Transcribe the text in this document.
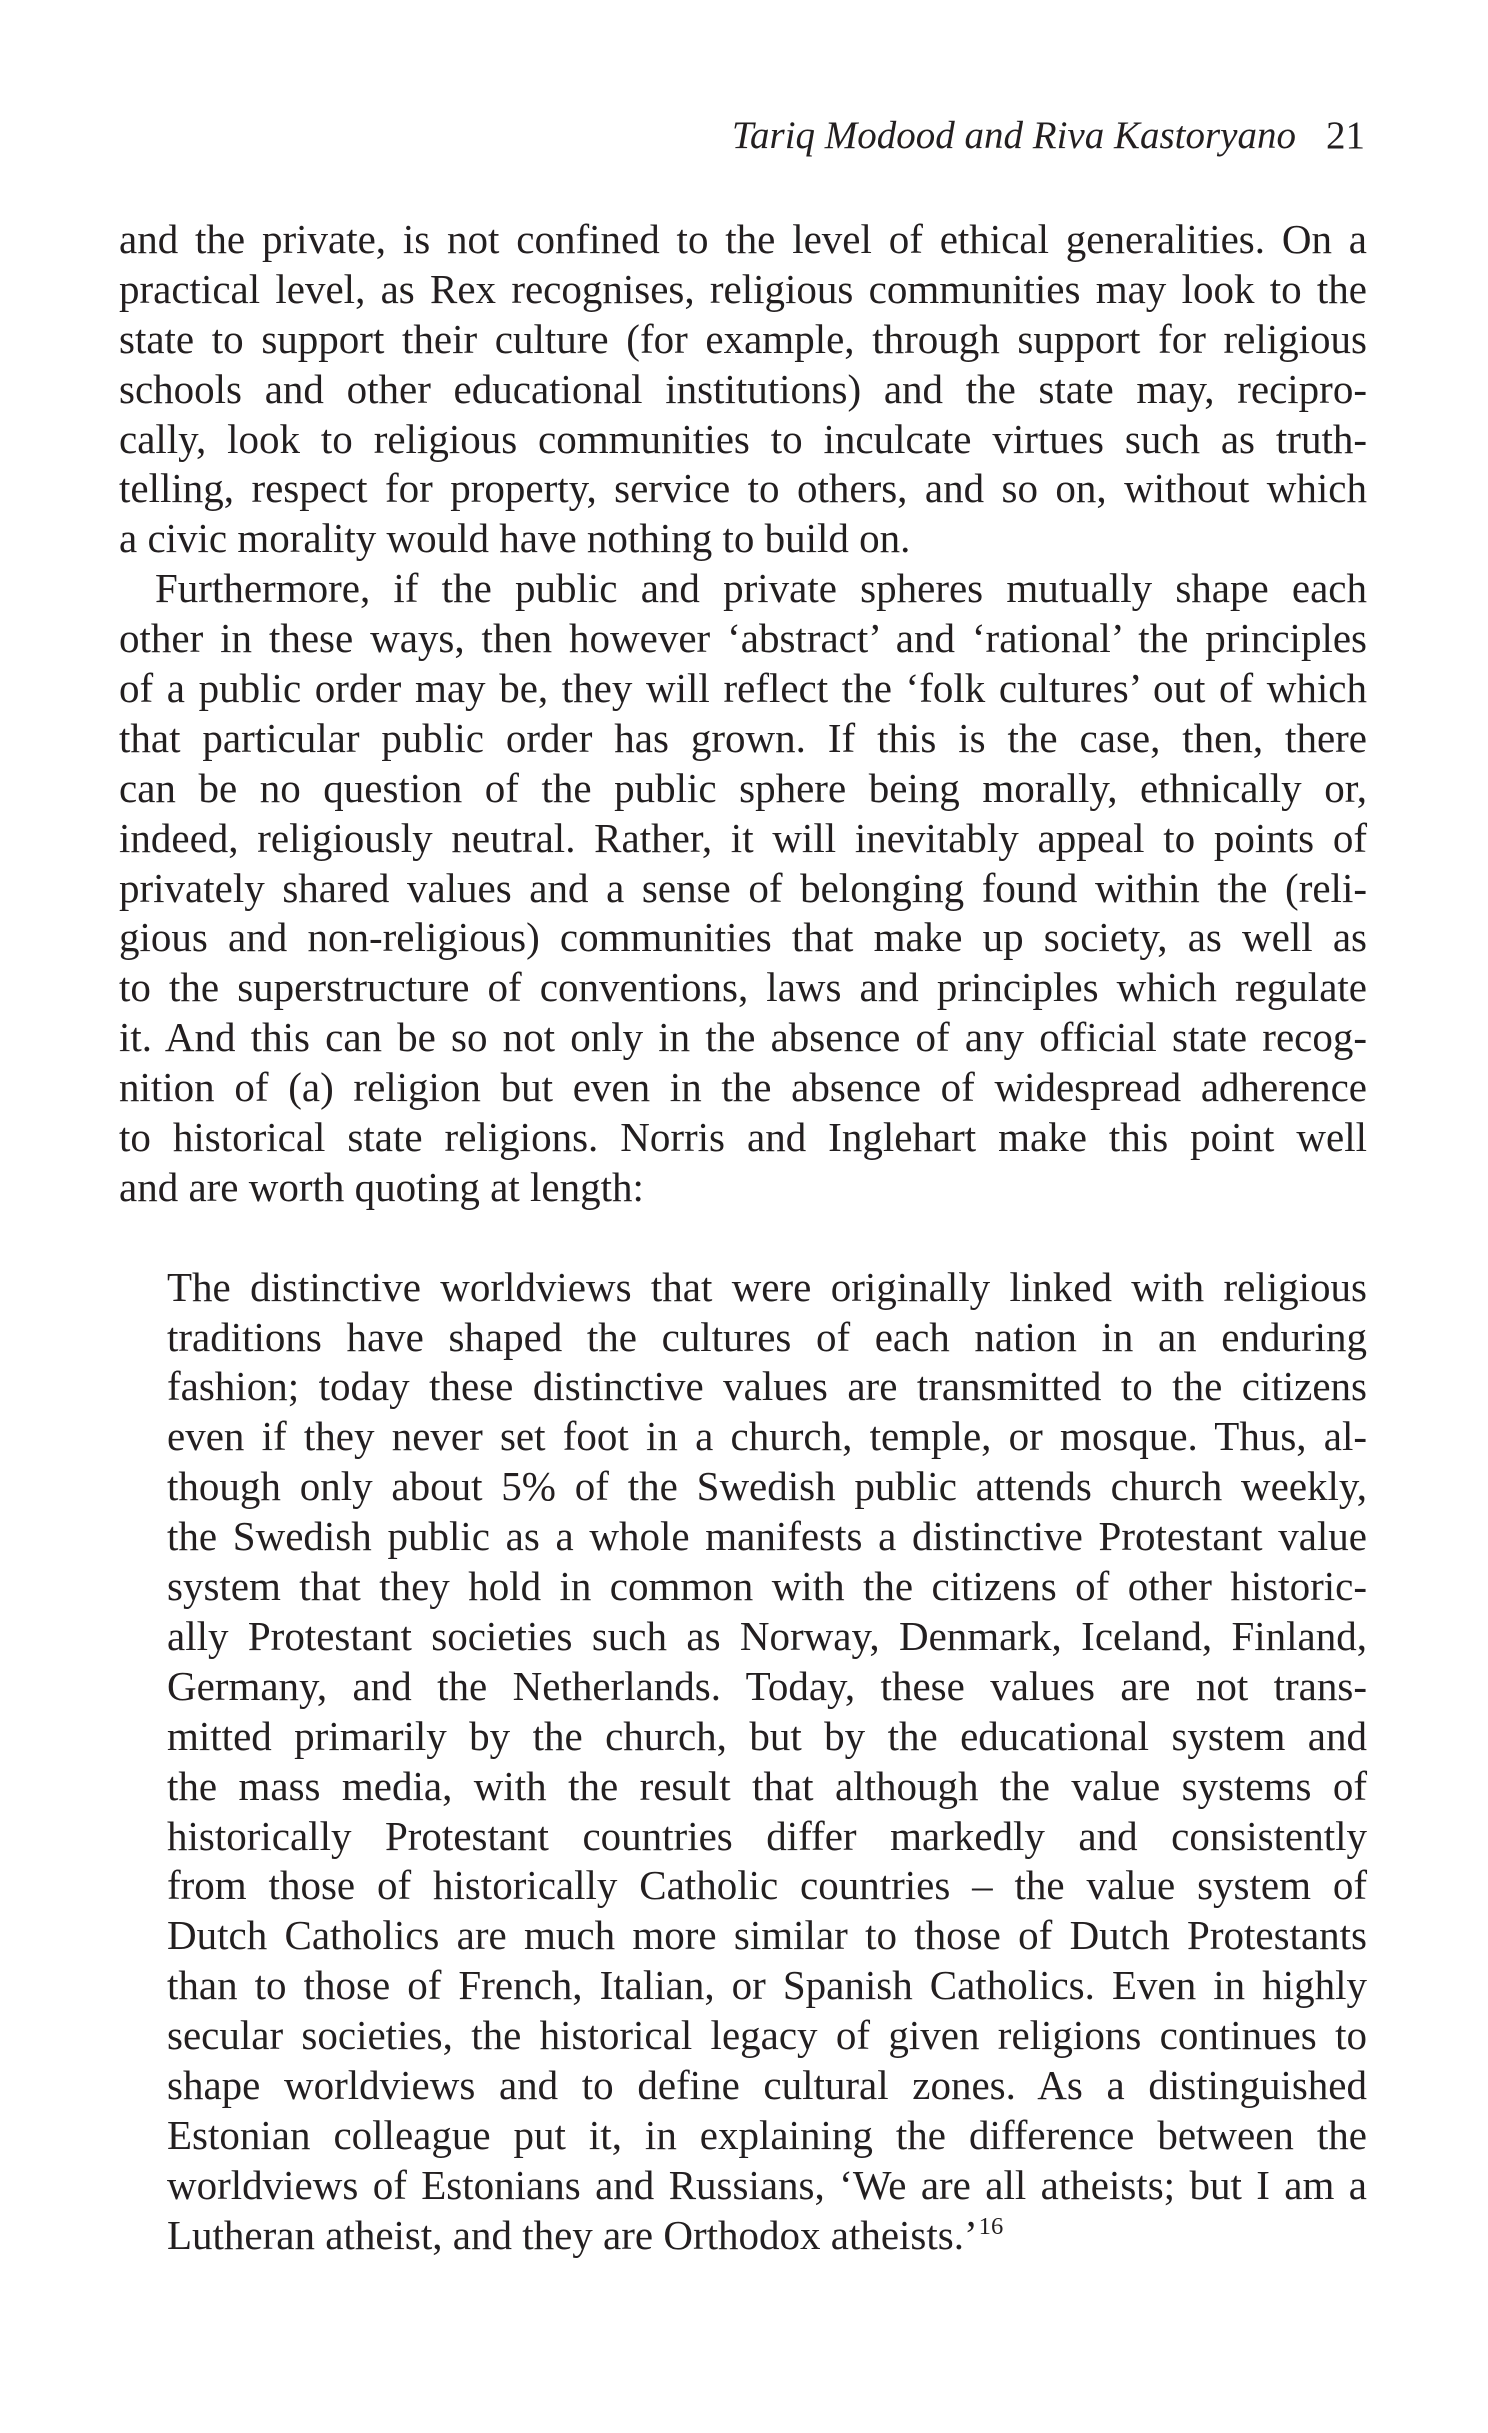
Tariq Modood and Riva Kastoryano 21
and the private, is not confined to the level of ethical generalities. On a
practical level, as Rex recognises, religious communities may look to the
state to support their culture (for example, through support for religious
schools and other educational institutions) and the state may, recipro-
cally, look to religious communities to inculcate virtues such as truth-
telling, respect for property, service to others, and so on, without which
a civic morality would have nothing to build on.
Furthermore, if the public and private spheres mutually shape each
other in these ways, then however ‘abstract’ and ‘rational’ the principles
of a public order may be, they will reflect the ‘folk cultures’ out of which
that particular public order has grown. If this is the case, then, there
can be no question of the public sphere being morally, ethnically or,
indeed, religiously neutral. Rather, it will inevitably appeal to points of
privately shared values and a sense of belonging found within the (reli-
gious and non-religious) communities that make up society, as well as
to the superstructure of conventions, laws and principles which regulate
it. And this can be so not only in the absence of any official state recog-
nition of (a) religion but even in the absence of widespread adherence
to historical state religions. Norris and Inglehart make this point well
and are worth quoting at length:
The distinctive worldviews that were originally linked with religious
traditions have shaped the cultures of each nation in an enduring
fashion; today these distinctive values are transmitted to the citizens
even if they never set foot in a church, temple, or mosque. Thus, al-
though only about 5% of the Swedish public attends church weekly,
the Swedish public as a whole manifests a distinctive Protestant value
system that they hold in common with the citizens of other historic-
ally Protestant societies such as Norway, Denmark, Iceland, Finland,
Germany, and the Netherlands. Today, these values are not trans-
mitted primarily by the church, but by the educational system and
the mass media, with the result that although the value systems of
historically Protestant countries differ markedly and consistently
from those of historically Catholic countries – the value system of
Dutch Catholics are much more similar to those of Dutch Protestants
than to those of French, Italian, or Spanish Catholics. Even in highly
secular societies, the historical legacy of given religions continues to
shape worldviews and to define cultural zones. As a distinguished
Estonian colleague put it, in explaining the difference between the
worldviews of Estonians and Russians, ‘We are all atheists; but I am a
Lutheran atheist, and they are Orthodox atheists.’$^{16}$
